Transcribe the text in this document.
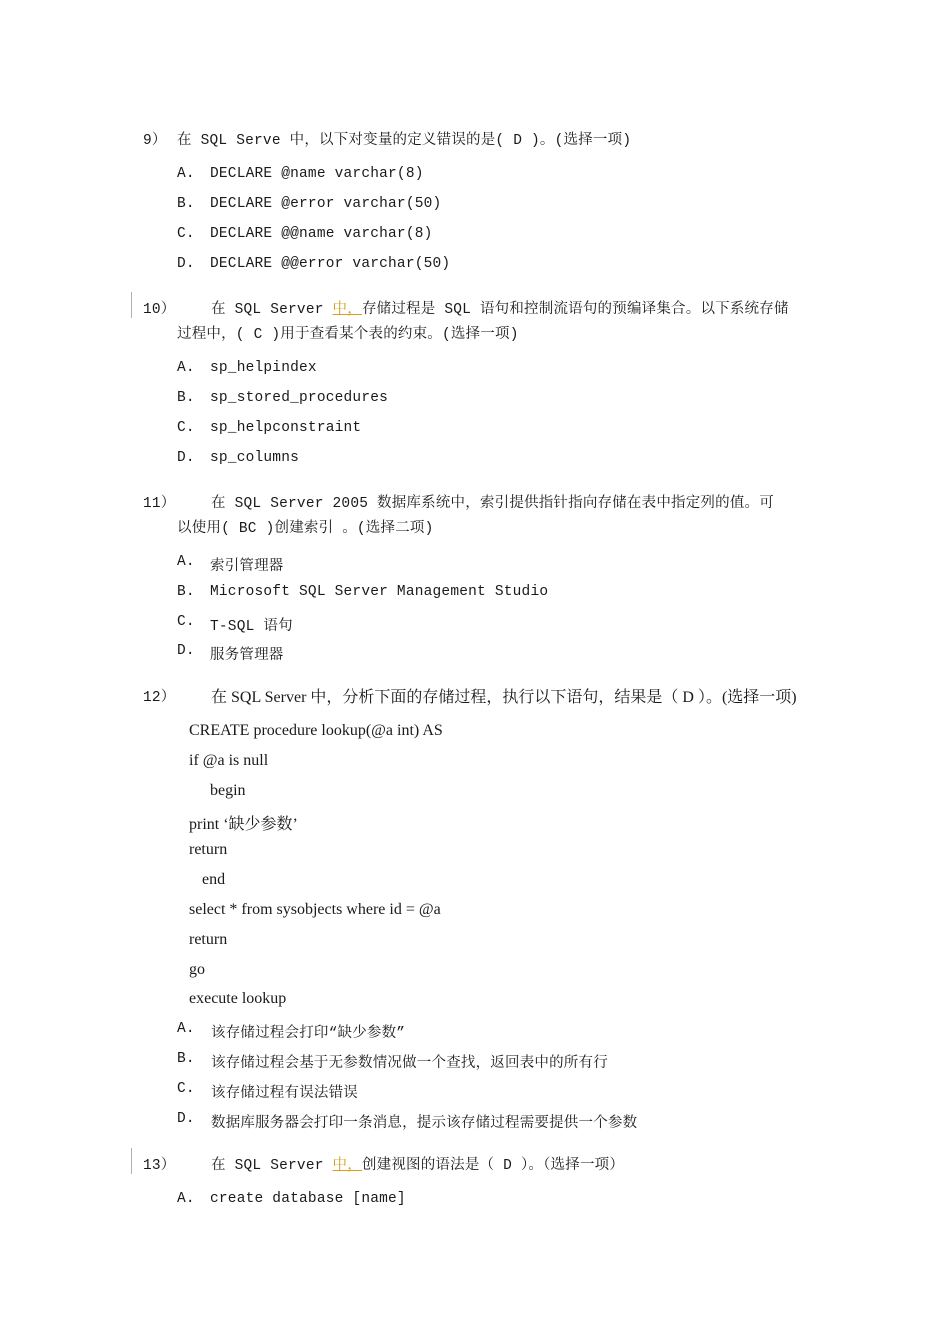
9） 在 SQL Serve 中，以下对变量的定义错误的是( D )。(选择一项)
A. DECLARE @name varchar(8)
B. DECLARE @error varchar(50)
C. DECLARE @@name varchar(8)
D. DECLARE @@error varchar(50)
10） 在 SQL Server 中，存储过程是 SQL 语句和控制流语句的预编译集合。以下系统存储
过程中，( C )用于查看某个表的约束。(选择一项)
A. sp_helpindex
B. sp_stored_procedures
C. sp_helpconstraint
D. sp_columns
11） 在 SQL Server 2005 数据库系统中，索引提供指针指向存储在表中指定列的值。可
以使用( BC )创建索引 。(选择二项)
A. 索引管理器
B. Microsoft SQL Server Management Studio
C. T-SQL 语句
D. 服务管理器
12） 在 SQL Server 中，分析下面的存储过程，执行以下语句，结果是（ D ）。(选择一项)
CREATE procedure lookup(@a int) AS
if @a is null
begin
print ‘缺少参数’
return
end
select * from sysobjects where id = @a
return
go
execute lookup
A. 该存储过程会打印“缺少参数”
B. 该存储过程会基于无参数情况做一个查找，返回表中的所有行
C. 该存储过程有误法错误
D. 数据库服务器会打印一条消息，提示该存储过程需要提供一个参数
13） 在 SQL Server 中，创建视图的语法是（ D ）。（选择一项）
A. create database [name]
